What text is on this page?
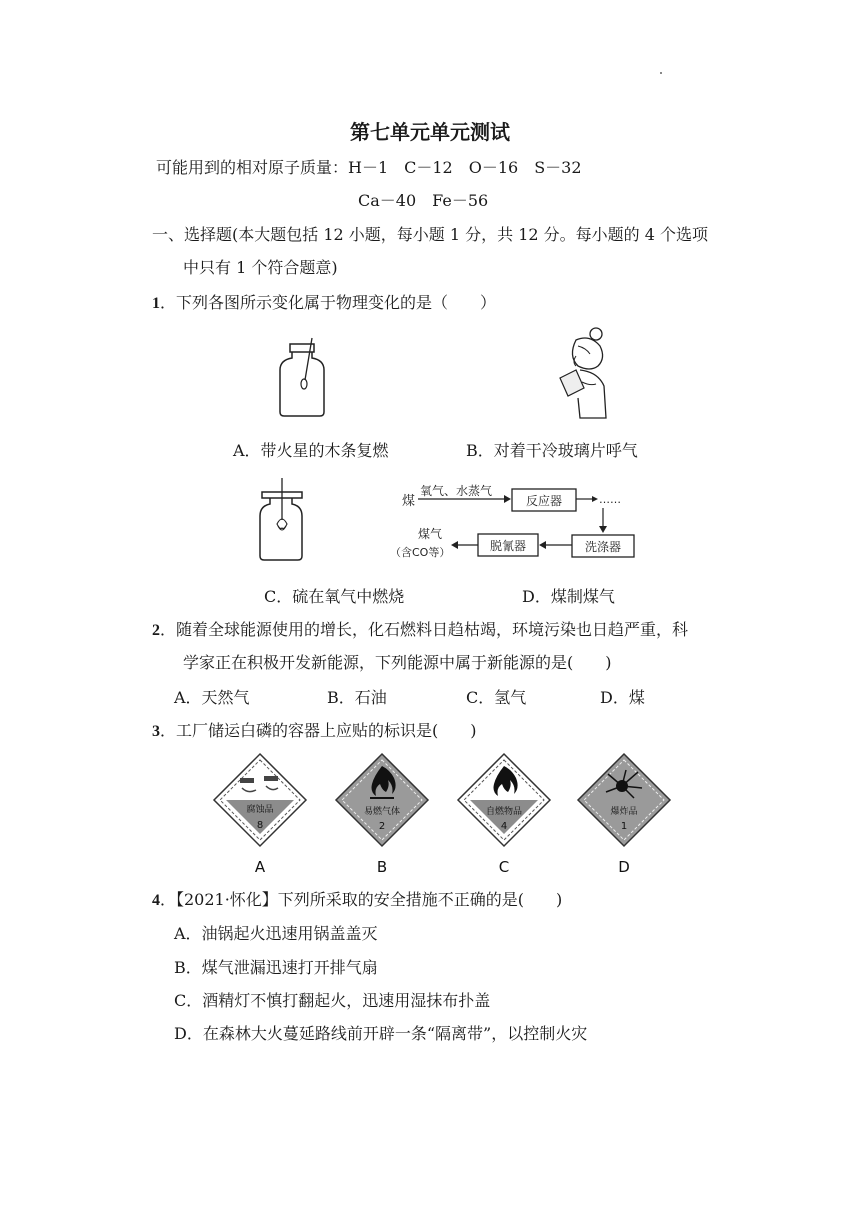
第七单元单元测试
可能用到的相对原子质量：H－1　C－12　O－16　S－32
Ca－40　Fe－56
一、选择题(本大题包括 12 小题，每小题 1 分，共 12 分。每小题的 4 个选项
中只有 1 个符合题意)
1．下列各图所示变化属于物理变化的是（　　）
A．带火星的木条复燃	B．对着干冷玻璃片呼气
煤
氧气、水蒸气
反应器	……
洗涤器
脱氰器
煤气
（含CO等）
C．硫在氧气中燃烧	D．煤制煤气
2．随着全球能源使用的增长，化石燃料日趋枯竭，环境污染也日趋严重，科
学家正在积极开发新能源，下列能源中属于新能源的是(　　)
A．天然气	B．石油	C．氢气	D．煤
3．工厂储运白磷的容器上应贴的标识是(　　)
腐蚀品
8
A
易燃气体
2
B
自燃物品
4
C
爆炸品
1
D
4．【2021·怀化】下列所采取的安全措施不正确的是(　　)
A．油锅起火迅速用锅盖盖灭
B．煤气泄漏迅速打开排气扇
C．酒精灯不慎打翻起火，迅速用湿抹布扑盖
D．在森林大火蔓延路线前开辟一条“隔离带”，以控制火灾
